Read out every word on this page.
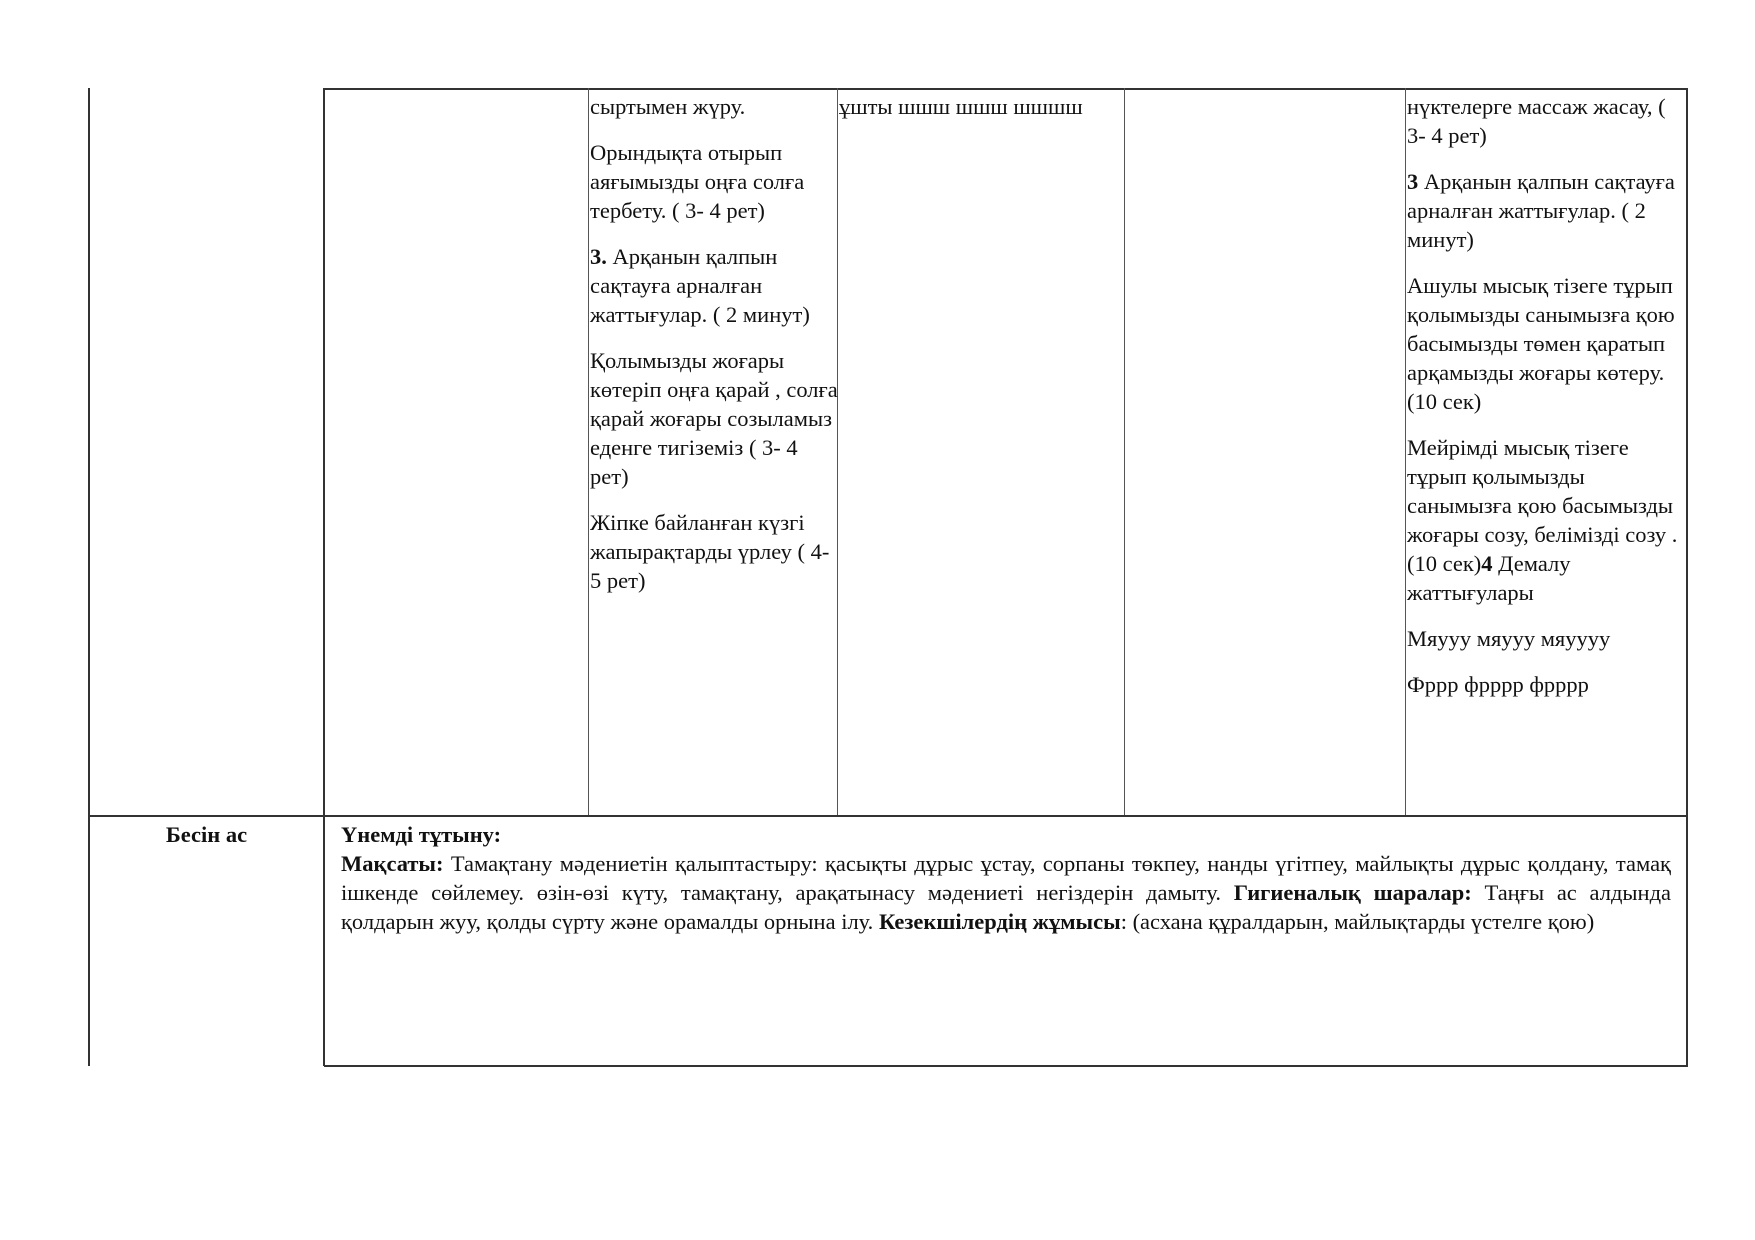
сыртымен жүру.

Орындықта отырып аяғымызды оңға солға тербету. ( 3- 4 рет)

3. Арқанын қалпын сақтауға арналған жаттығулар. ( 2 минут)

Қолымызды жоғары көтеріп оңға қарай , солға қарай жоғары созыламыз еденге тигіземіз ( 3- 4 рет)

Жіпке байланған күзгі жапырақтарды үрлеу ( 4-5 рет)

ұшты шшш шшш шшшш	нүктелерге массаж жасау, ( 3- 4 рет)

3 Арқанын қалпын сақтауға арналған жаттығулар. ( 2 минут)

Ашулы мысық тізеге тұрып қолымызды санымызға қою басымызды төмен қаратып арқамызды жоғары көтеру. (10 сек)

Мейрімді мысық тізеге тұрып қолымызды санымызға қою басымызды жоғары созу, белімізді созу . (10 сек)4 Демалу жаттығулары

Мяууу мяууу мяуууу

Фррр фрррр фрррр

Бесін ас	Үнемді тұтыну:
Мақсаты: Тамақтану мәдениетін қалыптастыру: қасықты дұрыс ұстау, сорпаны төкпеу, нанды үгітпеу, майлықты дұрыс қолдану, тамақ ішкенде сөйлемеу. өзін-өзі күту, тамақтану, арақатынасу мәдениеті негіздерін дамыту. Гигиеналық шаралар: Таңғы ас алдында қолдарын жуу, қолды сүрту және орамалды орнына ілу. Кезекшілердің жұмысы: (асхана құралдарын, майлықтарды үстелге қою)
